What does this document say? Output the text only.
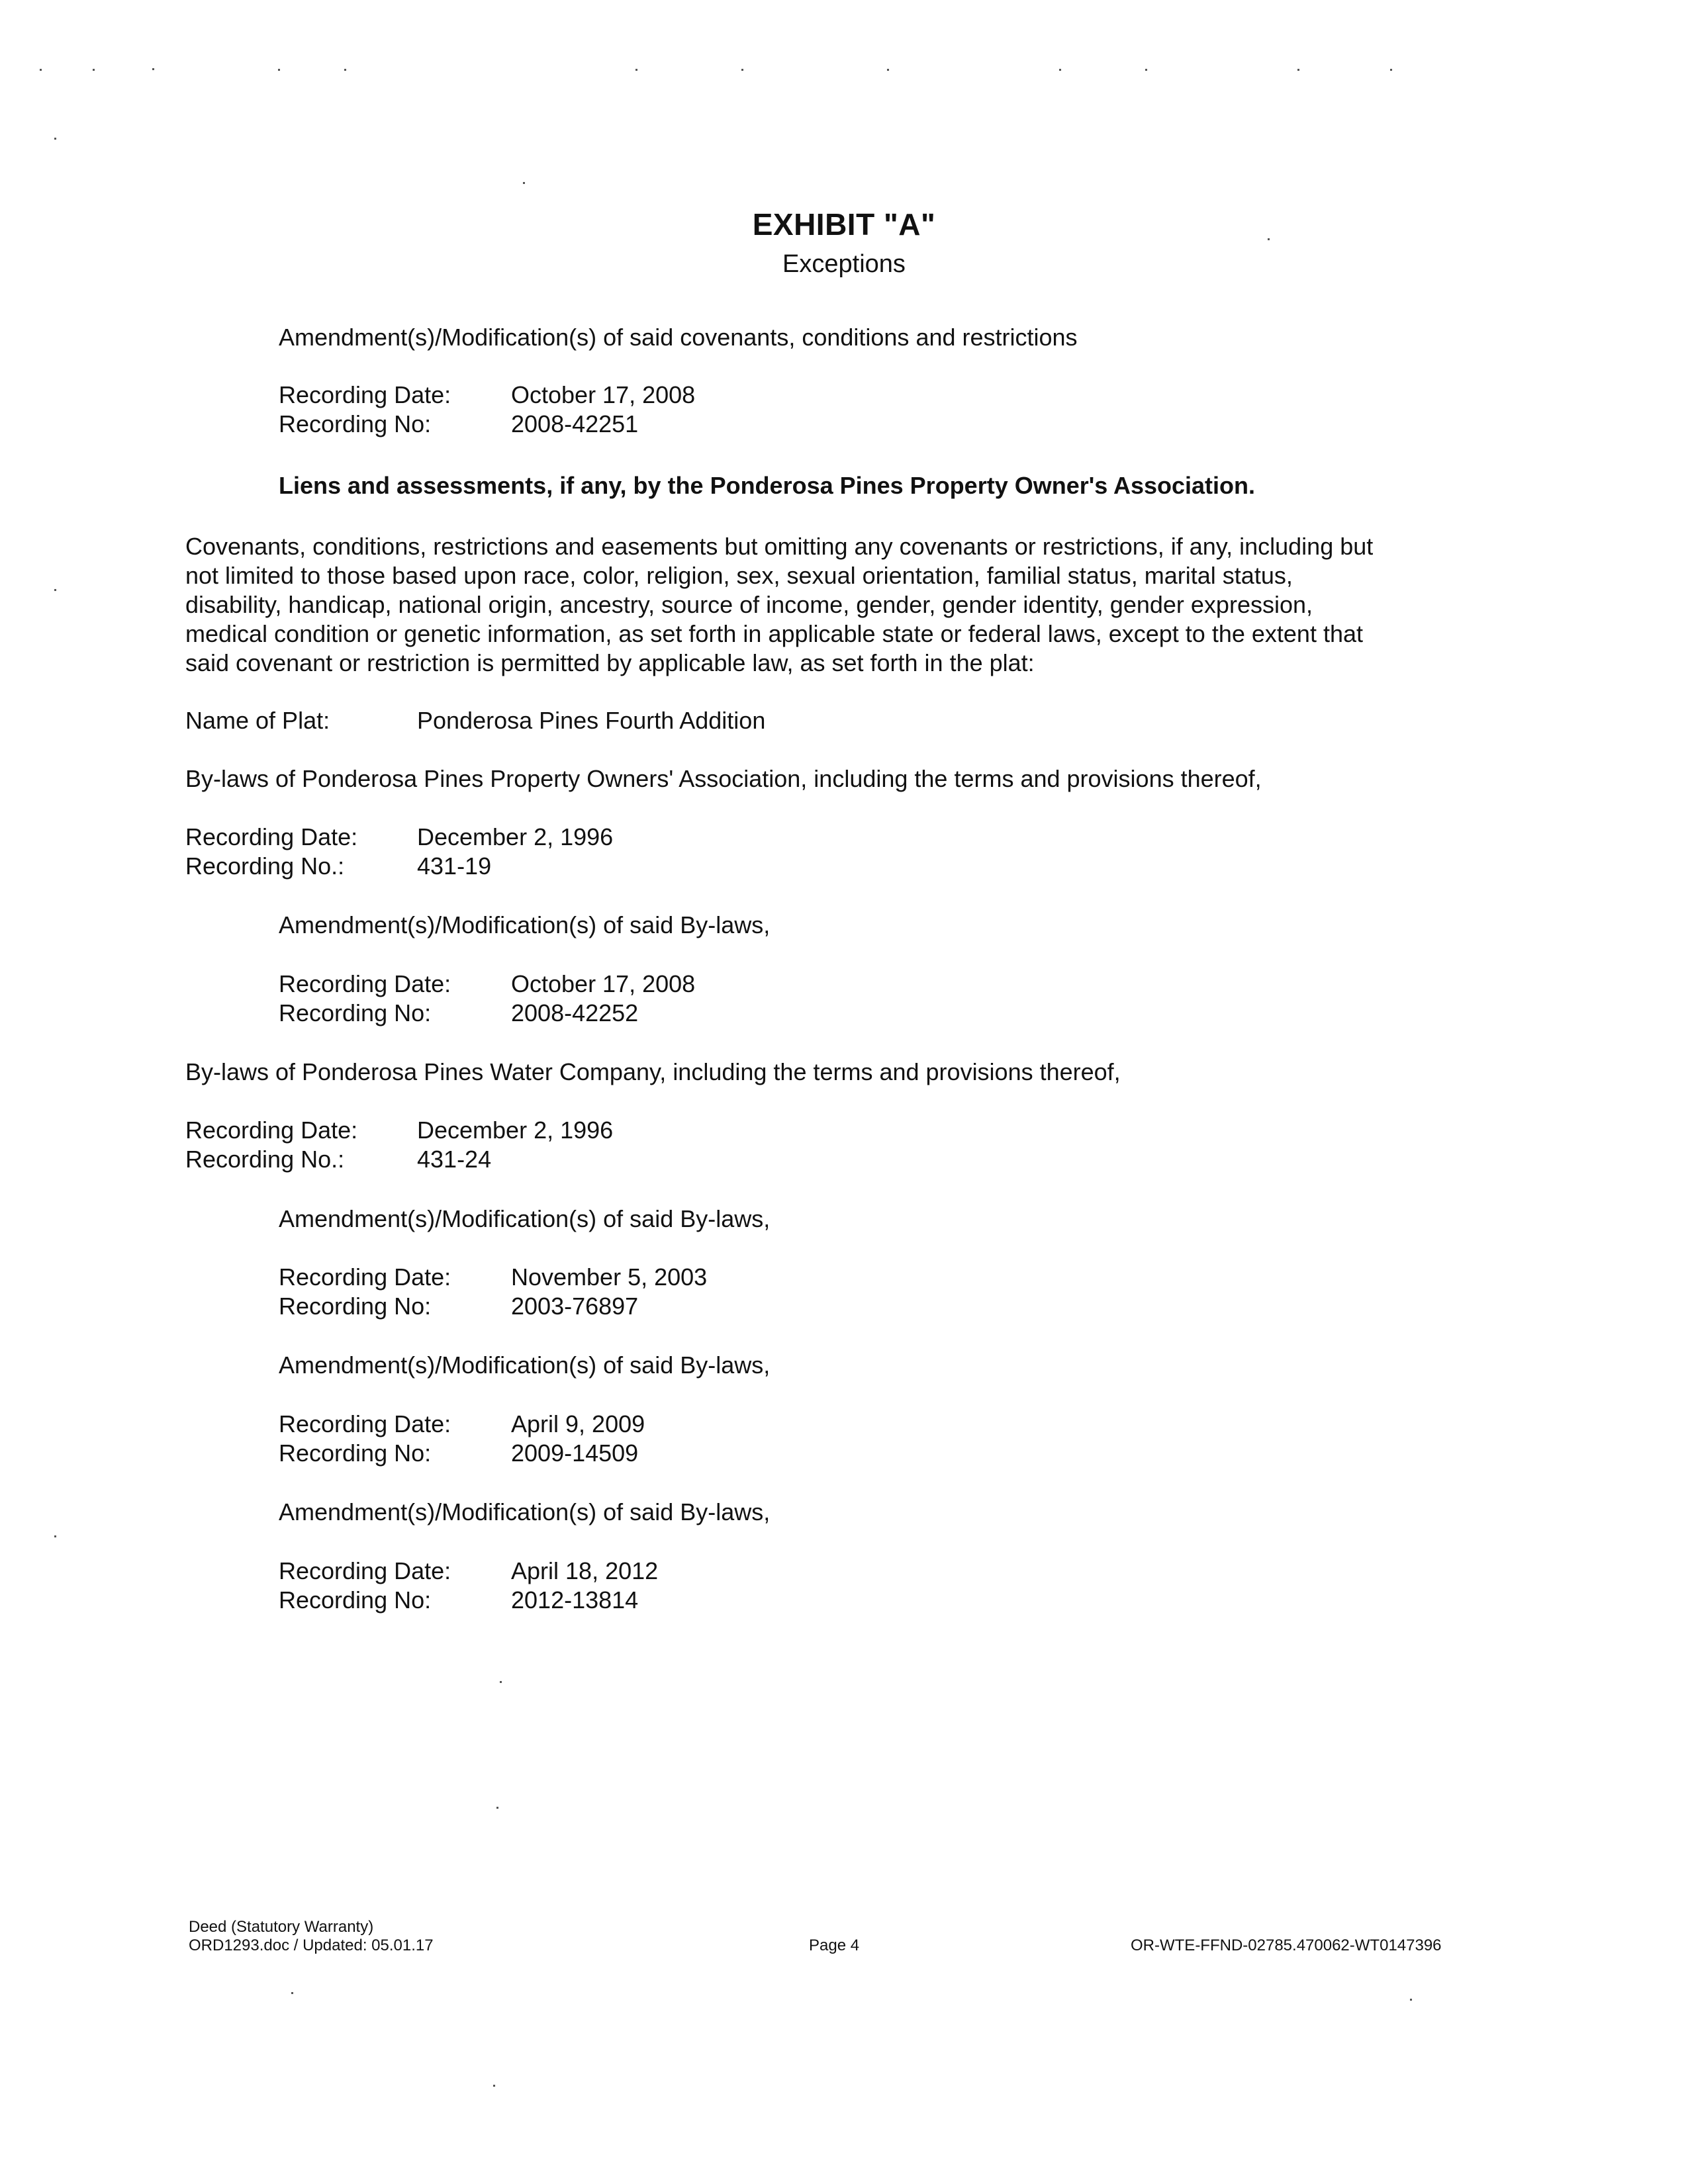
EXHIBIT "A"
Exceptions
Amendment(s)/Modification(s) of said covenants, conditions and restrictions
Recording Date:	October 17, 2008
Recording No:	2008-42251
Liens and assessments, if any, by the Ponderosa Pines Property Owner's Association.
Covenants, conditions, restrictions and easements but omitting any covenants or restrictions, if any, including but
not limited to those based upon race, color, religion, sex, sexual orientation, familial status, marital status,
disability, handicap, national origin, ancestry, source of income, gender, gender identity, gender expression,
medical condition or genetic information, as set forth in applicable state or federal laws, except to the extent that
said covenant or restriction is permitted by applicable law, as set forth in the plat:
Name of Plat:	Ponderosa Pines Fourth Addition
By-laws of Ponderosa Pines Property Owners' Association, including the terms and provisions thereof,
Recording Date: December 2, 1996
Recording No.:	431-19
Amendment(s)/Modification(s) of said By-laws,
Recording Date:	October 17, 2008
Recording No:	2008-42252
By-laws of Ponderosa Pines Water Company, including the terms and provisions thereof,
Recording Date: December 2, 1996
Recording No.:	431-24
Amendment(s)/Modification(s) of said By-laws,
Recording Date:	November 5, 2003
Recording No:	2003-76897
Amendment(s)/Modification(s) of said By-laws,
Recording Date:	April 9, 2009
Recording No:	2009-14509
Amendment(s)/Modification(s) of said By-laws,
Recording Date:	April 18, 2012
Recording No:	2012-13814
Deed (Statutory Warranty)
ORD1293.doc / Updated: 05.01.17	Page 4	OR-WTE-FFND-02785.470062-WT0147396
